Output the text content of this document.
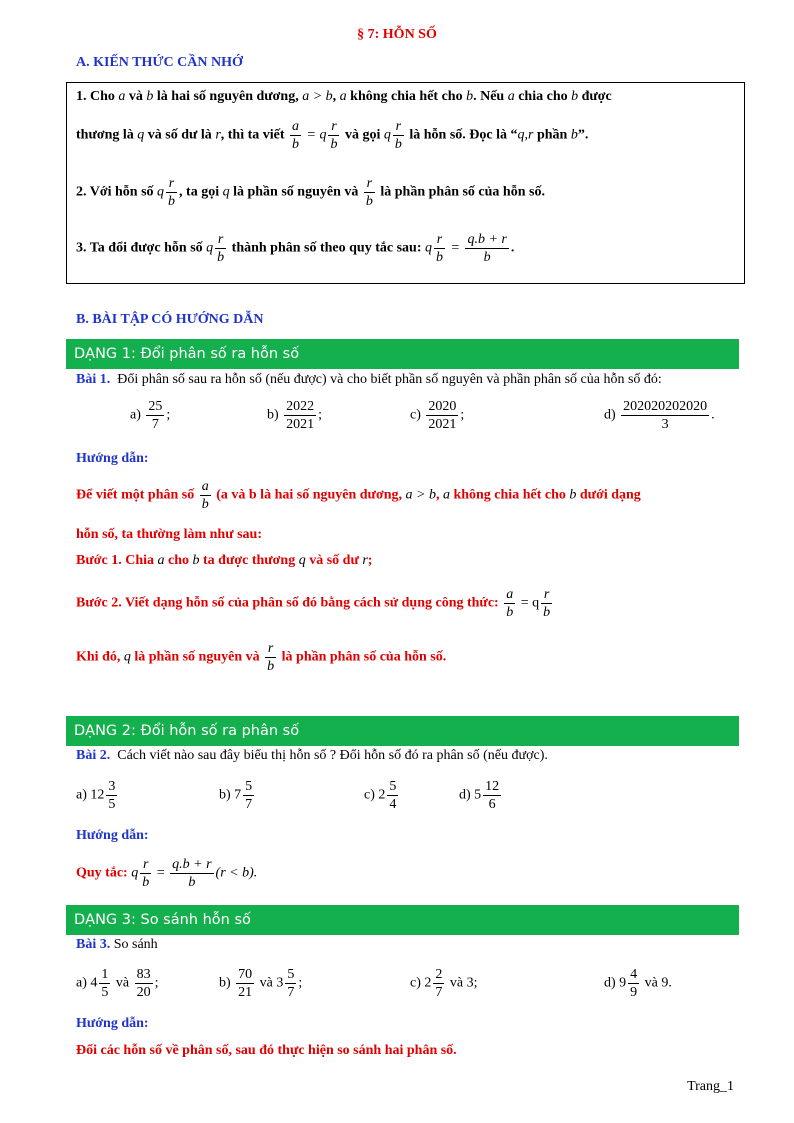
§ 7: HỖN SỐ
A. KIẾN THỨC CẦN NHỚ
1. Cho a và b là hai số nguyên dương, a > b, a không chia hết cho b. Nếu a chia cho b được
thương là q và số dư là r, thì ta viết $\frac{a}{b} = q \frac{r}{b}$ và gọi q $\frac{r}{b}$ là hỗn số. Đọc là “q,r phần b”.
2. Với hỗn số q $\frac{r}{b}$ , ta gọi q là phần số nguyên và $\frac{r}{b}$ là phần phân số của hỗn số.
3. Ta đổi được hỗn số q $\frac{r}{b}$ thành phân số theo quy tắc sau: q $\frac{r}{b} = \frac{q.b + r}{b}$ .
B. BÀI TẬP CÓ HƯỚNG DẪN
DẠNG 1: Đổi phân số ra hỗn số
Bài 1. Đổi phân số sau ra hỗn số (nếu được) và cho biết phần số nguyên và phần phân số của hỗn số đó:
$a) \frac{25}{7}$ ;	$b) \frac{2022}{2021}$ ;	$c) \frac{2020}{2021}$ ;	$d) \frac{202020202020}{3}$ .
Hướng dẫn:
Để viết một phân số $\frac{a}{b} (a$ và b là hai số nguyên dương, a > b, a không chia hết cho b dưới dạng
hỗn số, ta thường làm như sau:
Bước 1. Chia a cho b ta được thương q và số dư r;
Bước 2. Viết dạng hỗn số của phân số đó bằng cách sử dụng công thức: $\frac{a}{b} = q \frac{r}{b}$
Khi đó, q là phần số nguyên và $\frac{r}{b}$ là phần phân số của hỗn số.
DẠNG 2: Đổi hỗn số ra phân số
Bài 2. Cách viết nào sau đây biểu thị hỗn số ? Đổi hỗn số đó ra phân số (nếu được).
a) $12 \frac{3}{5}$	b) $7 \frac{5}{7}$	c) $2 \frac{5}{4}$	d) $5 \frac{12}{6}$
Hướng dẫn:
Quy tắc: q $\frac{r}{b} = \frac{q.b + r}{b} (r < b)$.
DẠNG 3: So sánh hỗn số
Bài 3. So sánh
a) $4 \frac{1}{5}$ và $\frac{83}{20}$ ;	$b) \frac{70}{21}$ và $3 \frac{5}{7}$ ;	c) $2 \frac{2}{7}$ và 3;	d) $9 \frac{4}{9}$ và 9.
Hướng dẫn:
Đổi các hỗn số về phân số, sau đó thực hiện so sánh hai phân số.
Trang_1
